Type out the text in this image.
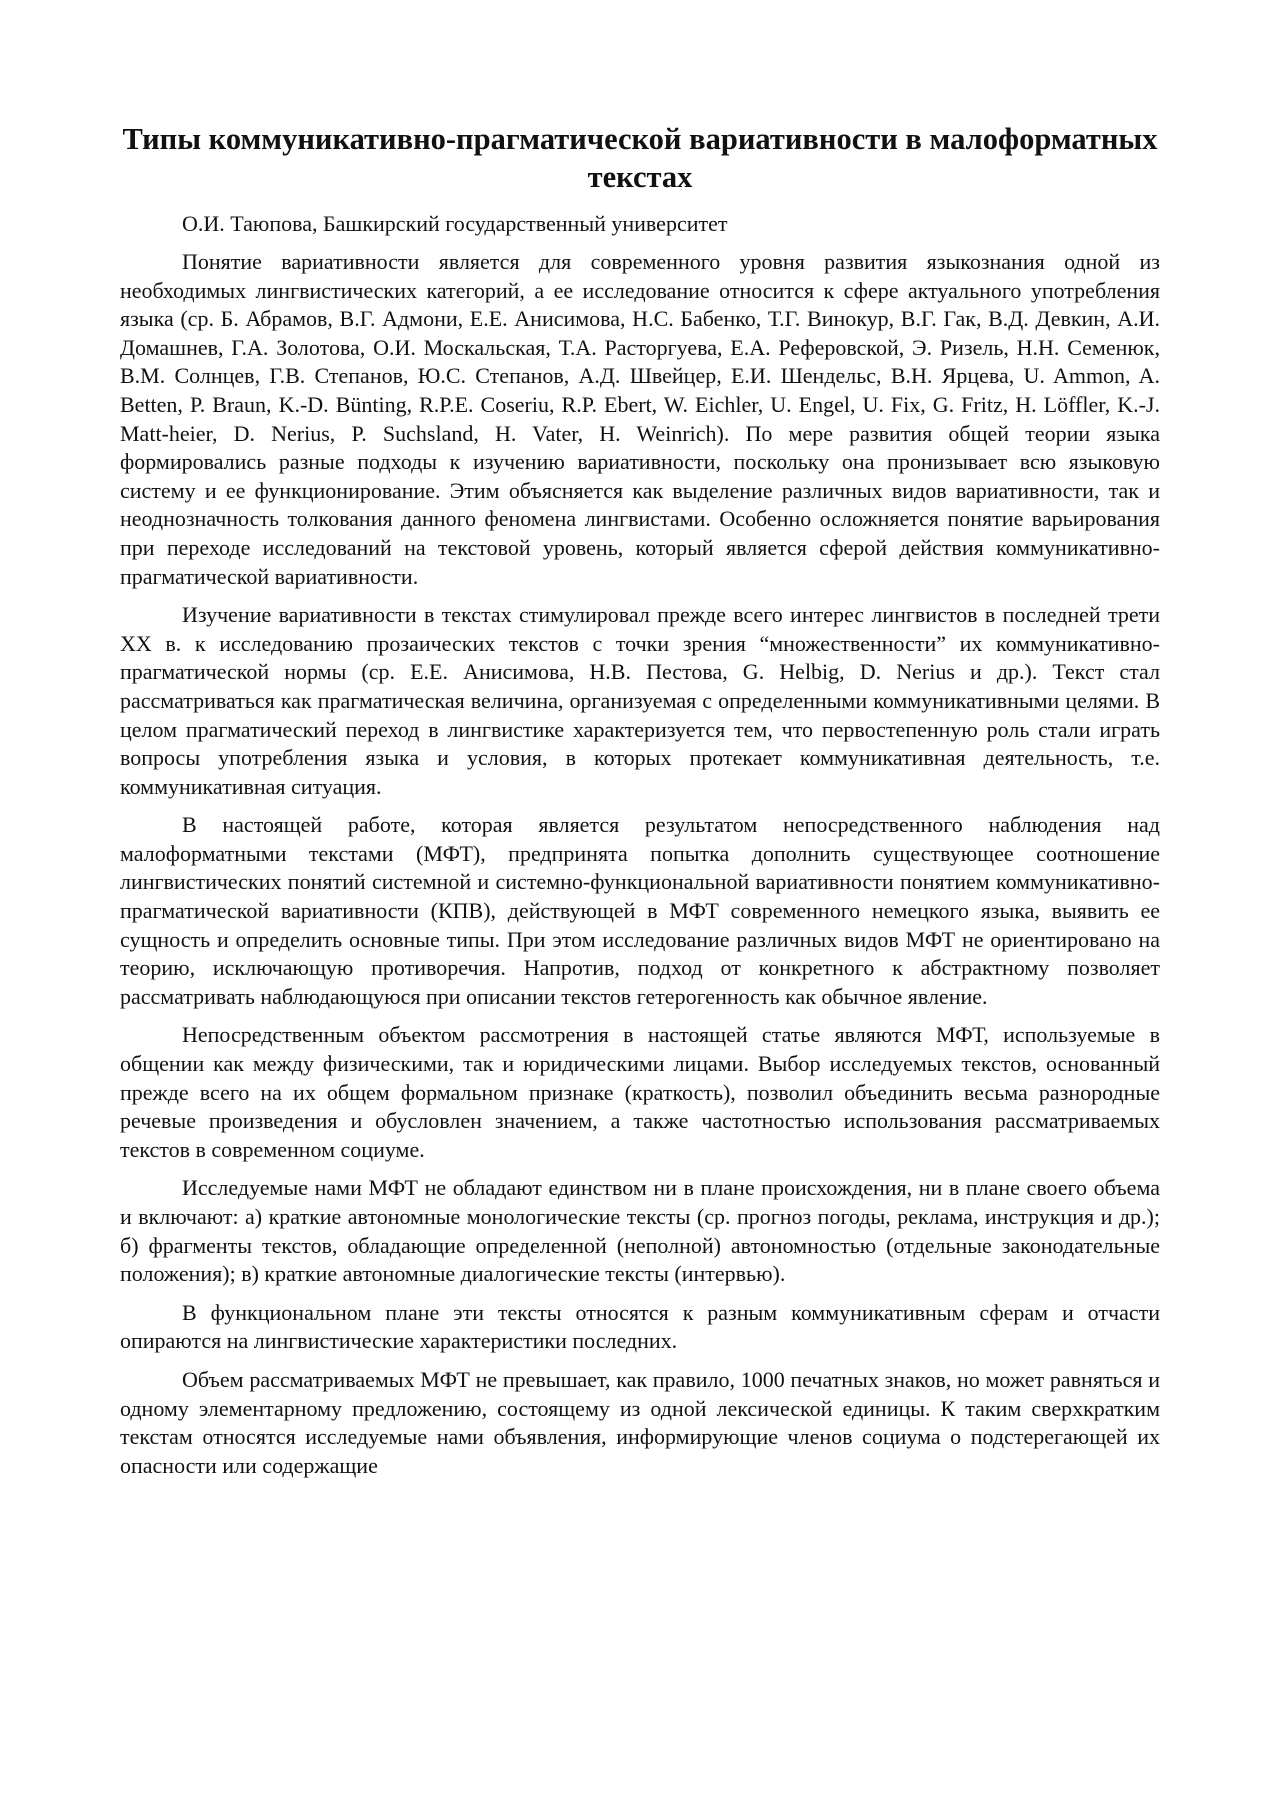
Типы коммуникативно-прагматической вариативности в малоформатных текстах

О.И. Таюпова, Башкирский государственный университет

Понятие вариативности является для современного уровня развития языкознания одной из необходимых лингвистических категорий, а ее исследование относится к сфере актуального употребления языка (ср. Б. Абрамов, В.Г. Адмони, Е.Е. Анисимова, Н.С. Бабенко, Т.Г. Винокур, В.Г. Гак, В.Д. Девкин, А.И. Домашнев, Г.А. Золотова, О.И. Москальская, Т.А. Расторгуева, Е.А. Реферовской, Э. Ризель, Н.Н. Семенюк, В.М. Солнцев, Г.В. Степанов, Ю.С. Степанов, А.Д. Швейцер, Е.И. Шендельс, В.Н. Ярцева, U. Ammon, A. Betten, P. Braun, K.-D. Bünting, R.P.E. Coseriu, R.P. Ebert, W. Eichler, U. Engel, U. Fix, G. Fritz, H. Löffler, K.-J. Matt-heier, D. Nerius, P. Suchsland, H. Vater, H. Weinrich). По мере развития общей теории языка формировались разные подходы к изучению вариативности, поскольку она пронизывает всю языковую систему и ее функционирование. Этим объясняется как выделение различных видов вариативности, так и неоднозначность толкования данного феномена лингвистами. Особенно осложняется понятие варьирования при переходе исследований на текстовой уровень, который является сферой действия коммуникативно-прагматической вариативности.

Изучение вариативности в текстах стимулировал прежде всего интерес лингвистов в последней трети XX в. к исследованию прозаических текстов с точки зрения “множественности” их коммуникативно-прагматической нормы (ср. Е.Е. Анисимова, Н.В. Пестова, G. Helbig, D. Nerius и др.). Текст стал рассматриваться как прагматическая величина, организуемая с определенными коммуникативными целями. В целом прагматический переход в лингвистике характеризуется тем, что первостепенную роль стали играть вопросы употребления языка и условия, в которых протекает коммуникативная деятельность, т.е. коммуникативная ситуация.

В настоящей работе, которая является результатом непосредственного наблюдения над малоформатными текстами (МФТ), предпринята попытка дополнить существующее соотношение лингвистических понятий системной и системно-функциональной вариативности понятием коммуникативно-прагматической вариативности (КПВ), действующей в МФТ современного немецкого языка, выявить ее сущность и определить основные типы. При этом исследование различных видов МФТ не ориентировано на теорию, исключающую противоречия. Напротив, подход от конкретного к абстрактному позволяет рассматривать наблюдающуюся при описании текстов гетерогенность как обычное явление.

Непосредственным объектом рассмотрения в настоящей статье являются МФТ, используемые в общении как между физическими, так и юридическими лицами. Выбор исследуемых текстов, основанный прежде всего на их общем формальном признаке (краткость), позволил объединить весьма разнородные речевые произведения и обусловлен значением, а также частотностью использования рассматриваемых текстов в современном социуме.

Исследуемые нами МФТ не обладают единством ни в плане происхождения, ни в плане своего объема и включают: а) краткие автономные монологические тексты (ср. прогноз погоды, реклама, инструкция и др.); б) фрагменты текстов, обладающие определенной (неполной) автономностью (отдельные законодательные положения); в) краткие автономные диалогические тексты (интервью).

В функциональном плане эти тексты относятся к разным коммуникативным сферам и отчасти опираются на лингвистические характеристики последних.

Объем рассматриваемых МФТ не превышает, как правило, 1000 печатных знаков, но может равняться и одному элементарному предложению, состоящему из одной лексической единицы. К таким сверхкратким текстам относятся исследуемые нами объявления, информирующие членов социума о подстерегающей их опасности или содержащие
